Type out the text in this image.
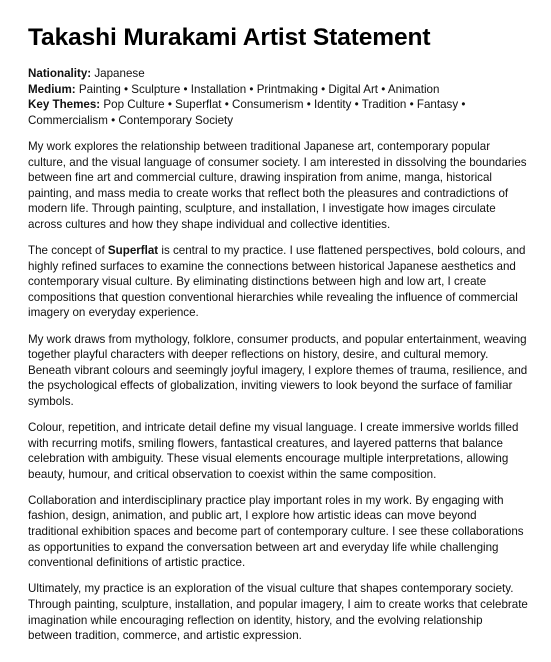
Takashi Murakami Artist Statement
Nationality: Japanese
Medium: Painting • Sculpture • Installation • Printmaking • Digital Art • Animation
Key Themes: Pop Culture • Superflat • Consumerism • Identity • Tradition • Fantasy • Commercialism • Contemporary Society

My work explores the relationship between traditional Japanese art, contemporary popular culture, and the visual language of consumer society. I am interested in dissolving the boundaries between fine art and commercial culture, drawing inspiration from anime, manga, historical painting, and mass media to create works that reflect both the pleasures and contradictions of modern life. Through painting, sculpture, and installation, I investigate how images circulate across cultures and how they shape individual and collective identities.

The concept of Superflat is central to my practice. I use flattened perspectives, bold colours, and highly refined surfaces to examine the connections between historical Japanese aesthetics and contemporary visual culture. By eliminating distinctions between high and low art, I create compositions that question conventional hierarchies while revealing the influence of commercial imagery on everyday experience.

My work draws from mythology, folklore, consumer products, and popular entertainment, weaving together playful characters with deeper reflections on history, desire, and cultural memory. Beneath vibrant colours and seemingly joyful imagery, I explore themes of trauma, resilience, and the psychological effects of globalization, inviting viewers to look beyond the surface of familiar symbols.

Colour, repetition, and intricate detail define my visual language. I create immersive worlds filled with recurring motifs, smiling flowers, fantastical creatures, and layered patterns that balance celebration with ambiguity. These visual elements encourage multiple interpretations, allowing beauty, humour, and critical observation to coexist within the same composition.

Collaboration and interdisciplinary practice play important roles in my work. By engaging with fashion, design, animation, and public art, I explore how artistic ideas can move beyond traditional exhibition spaces and become part of contemporary culture. I see these collaborations as opportunities to expand the conversation between art and everyday life while challenging conventional definitions of artistic practice.

Ultimately, my practice is an exploration of the visual culture that shapes contemporary society. Through painting, sculpture, installation, and popular imagery, I aim to create works that celebrate imagination while encouraging reflection on identity, history, and the evolving relationship between tradition, commerce, and artistic expression.
